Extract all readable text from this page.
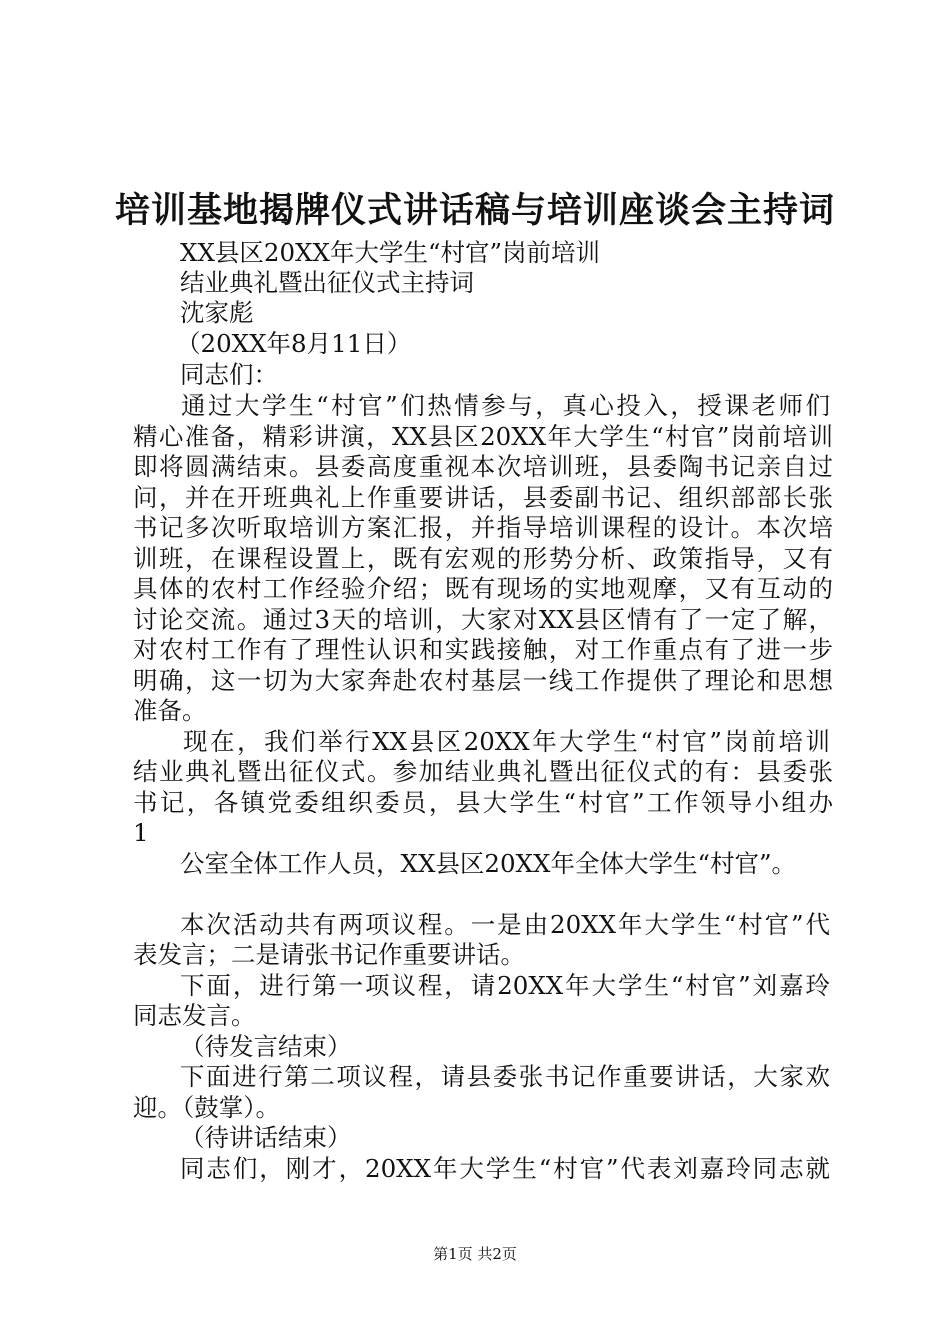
培训基地揭牌仪式讲话稿与培训座谈会主持词
XX县区20XX年大学生“村官”岗前培训
结业典礼暨出征仪式主持词
沈家彪
（20XX年8月11日）
同志们：
通过大学生“村官”们热情参与，真心投入，授课老师们
精心准备，精彩讲演，XX县区20XX年大学生“村官”岗前培训
即将圆满结束。县委高度重视本次培训班，县委陶书记亲自过
问，并在开班典礼上作重要讲话，县委副书记、组织部部长张
书记多次听取培训方案汇报，并指导培训课程的设计。本次培
训班，在课程设置上，既有宏观的形势分析、政策指导，又有
具体的农村工作经验介绍；既有现场的实地观摩，又有互动的
讨论交流。通过3天的培训，大家对XX县区情有了一定了解，
对农村工作有了理性认识和实践接触，对工作重点有了进一步
明确，这一切为大家奔赴农村基层一线工作提供了理论和思想
准备。
现在，我们举行XX县区20XX年大学生“村官”岗前培训
结业典礼暨出征仪式。参加结业典礼暨出征仪式的有：县委张
书记，各镇党委组织委员，县大学生“村官”工作领导小组办
1
公室全体工作人员，XX县区20XX年全体大学生“村官”。
本次活动共有两项议程。一是由20XX年大学生“村官”代
表发言；二是请张书记作重要讲话。
下面，进行第一项议程，请20XX年大学生“村官”刘嘉玲
同志发言。
（待发言结束）
下面进行第二项议程，请县委张书记作重要讲话，大家欢
迎。（鼓掌）。
（待讲话结束）
同志们，刚才，20XX年大学生“村官”代表刘嘉玲同志就
第1页 共2页
